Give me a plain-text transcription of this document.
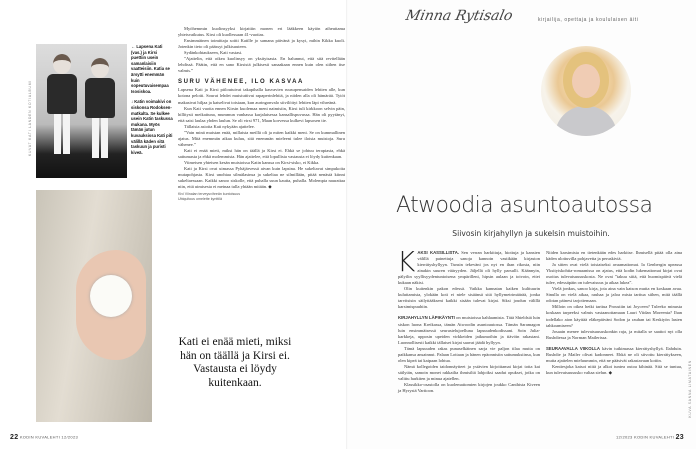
KUVAT KATI LANDEN KOTIALBUMI
← Lapsena Kati (vas.) ja Kirsi puettiin usein samanlaisiin vaatteisiin. Katia se ärsytti enemmän kuin sopeutuvaisempaa Isosiskoa.
↓ Katin voimakivi on siskonsa Rodoksen-matkalta. Se kulkee usein Katin taskussa mukana. Myös tämän jutun kuvauksissa Kati piti välillä käden sitä taskuun ja puristi kiveä.

Myöhemmin kuolinsyyksi kirjattiin monen eri lääkkeen käytön aiheuttama yhteisvaikutus. Kirsi oli kuollessaan 41-vuotias.

Ensimmäinen toimittaja soitti Katille jo samana päivänä ja kysyi, mihin Kikka kuoli. Jotenkin tieto oli päässyt julkisuuteen.

Sydänkohtaukseen, Kati vastasi.

”Ajattelin, että oikea kuolinsyy on yksityisasia. En halunnut, että sitä revitellään lehdissä. Päätin, että en sano Kirsistä julkisesti sanaakaan ennen kuin olen siihen itse valmis.”

SURU VÄHENEE, ILO KASVAA

Lapsena Kati ja Kirsi piiloutuivat takapihalla kasvavien ruusupensaiden lehtien alle, kun kotona pelotti. Sourut lehdet muistuttivat rapaperinlehtiä, ja niiden alla oli hämärää. Tyiöt makasivat hiljaa ja katselivat toisiaan, kun auringonvalo siivilöityi lehtien läpi vihreänä.

Kun Kati vuotta ennen Kirsin kuolemaa meni naimisiin, Kirsi tuli kirkkoon selvin päin, hillitysti meikattuna, mummun vanhassa karjalaisessa kansallispuvussa. Hän oli pyytänyt, että saisi laulaa yhden laulun. Se oli virsi 971, Maan korvessa kulkevi lapsosen tie.

Tällaisia asioita Kati nykyään ajattelee.

”Vain minä muistan enää, millaista meillä oli ja miten kaikki meni. Se on kummallinen ajatus. Mitä enemmän aikaa kuluu, sitä enemmän mieleeni tulee iloisia muistoja. Suru vähenee.”

Kati ei enää mieti, miksi hän on täällä ja Kirsi ei. Ehkä se johtuu terapiasta, ehkä sattumasta ja ehkä molemmista. Hän ajattelee, että lopullista vastausta ei löydy kuitenkaan.

Viimeisen yhteisen kesän muistoissa Katin kanssa on Kirsi-sisko, ei Kikka.

Kati ja Kirsi ovat uimassa Pyhäjärvessä aivan kuin lapsina. He sukeltavat simpukoita mutapohjasta. Kirsi unohtaa silmälasinsa ja sukeltaa ne silmillään, pitää nenästä kiinni sukeltaessaan. Kaikki sanoo siskolle, että puhalla suun kautta, puhalla. Molempia naurattaa niin, että uimisesta ei meinaa tulla yhtään mitään. ◆

Kivi Viinalan terveysvihreän kuntoisuus
Ubiquitous omelette kynttilä
Kati ei enää mieti, miksi hän on täällä ja Kirsi ei. Vastausta ei löydy kuitenkaan.
22 KODIN KUVALEHTI 12/2023
Minna Rytisalo	kirjailija, opettaja ja koululaisen äiti
Atwoodia asuntoautossa
Siivosin kirjahyllyn ja sukelsin muistoihin.
K AKSI KASSILLISTA. Sen verran harkittuja, hiottuja ja kansien välillä painettuja sanoja kannoin vastikään kirjaston kierrätyshyllyyn. Tunsin tekeväni jos nyt en ihan rikosta, niin ainakin suuren vääryyden. Jäljellä oli hylly parsulli. Käännyin, pälyilin syyllisyydentuntoisena ympärilleni, hipsin aulaan ja toivoin, ettei kukaan näkisi.

Olin kuitenkin pakon edessä. Vaikka kannatan kaiken kulttuurin kuluttamista, ylokään koti ei niele sisäänsä sitä hyllymetrimäärää, jonka tarvitsisin säilyttääkseni kaikki sisään tulevat kirjat. Siksi joudun välillä karsimispuuhiin.

KIRJAHYLLYN LÄPIKÄYNTI on muistoissa kahlaamista. Tätä Shieldsiä luin siskon luona Kreikassa, tämän Atwoodin asuntoautossa. Tämän Saramagon luin ensimmäisessä seurustelujoelluna lapsuudenkodissani. Soin Julia-karkkeja, upposin upeiden virkkeiden jatkumoihin ja tiävöin rakastani. Luonnollisesti kaikki tällaiset kirjat saavat jäädä hyllyyn.

Tämä lapsuuden rakas punaselkäinen sarja vie paljon tilaa mutta on paikkansa ansainnut. Palaan Lottaan ja hänen epäonnisiin sattumuksiinsa, kun olen kipeä tai kaipaan lohtua.

Nämä kollegoiden taidonnäytteet ja ystävien kirjoittamat kirjat totta kai säilytän, samoin monet rakkailta ihmisiltä lahjoiksi saadut opukset, jotka on valittu harkiten ja minua ajatellen.

Klassikko-osastolla on kuolemattomien kirjojen joukko Canthista Kiveen ja Hyrystä Vartioon.

Niiden karsimista en tietenkään edes harkitse. Ihmisellä pitää olla aina käden ulottuvilla pohjavetta ja peruskiviä.

Ja sitten ovat vielä toistaiseksi avaamattomat. Ia Genbergin upeassa Yksityiskohtia-romaanissa on ajatus, että kodin lukemattomat kirjat ovat osoitus tulevaisuususkosta. Ne ovat ”takuu siitä, että huomispäivä vielä tulee, edessäpäin on tulevaisuus ja aikaa lukea”.

Vielä jonkus, sanoo kirja, jota aina vain katson mutta en koskaan avaa. Sinulla on vielä aikaa, rauhaa ja jaloa mista tarttua siihen, mitä täällä odotan päinesi tarjottemaan.

Milloin on oikea hetki tarttua Proustiin tai Joyceen? Tuleeko minusta koskaan tarpeeksi valmis vastaanottamaan Lauri Viidan Moreenia? Ihan todellako aion käyttää eläkepäiväni Sodon ja rauhan tai Keskiyön lasten tahkoamiseen?

Josaain menee tulevaisuususkonkin raja, ja mitalla se saattoi nyt olla Rushdiessa ja Norman Mailerissa.

SEURAAVALLA VIIKOLLA kävin tutkimassa kierrätyshyllyä. Ilahduin. Rushdie ja Mailer olivat kadonneet. Ehkä ne oli siivottu kierrätykseen, mutta ajattelen mieluummin, että ne pääsivät rakastavaan kotiin.

Kentiesjoka katsoi niitä ja alkoi tuntea outoa kihinää. Sitä se tuntua, kun tulevaisuususko valtaa sielun. ◆	KUVA SANNA LIMATAINEN
12/2023 KODIN KUVALEHTI 23
